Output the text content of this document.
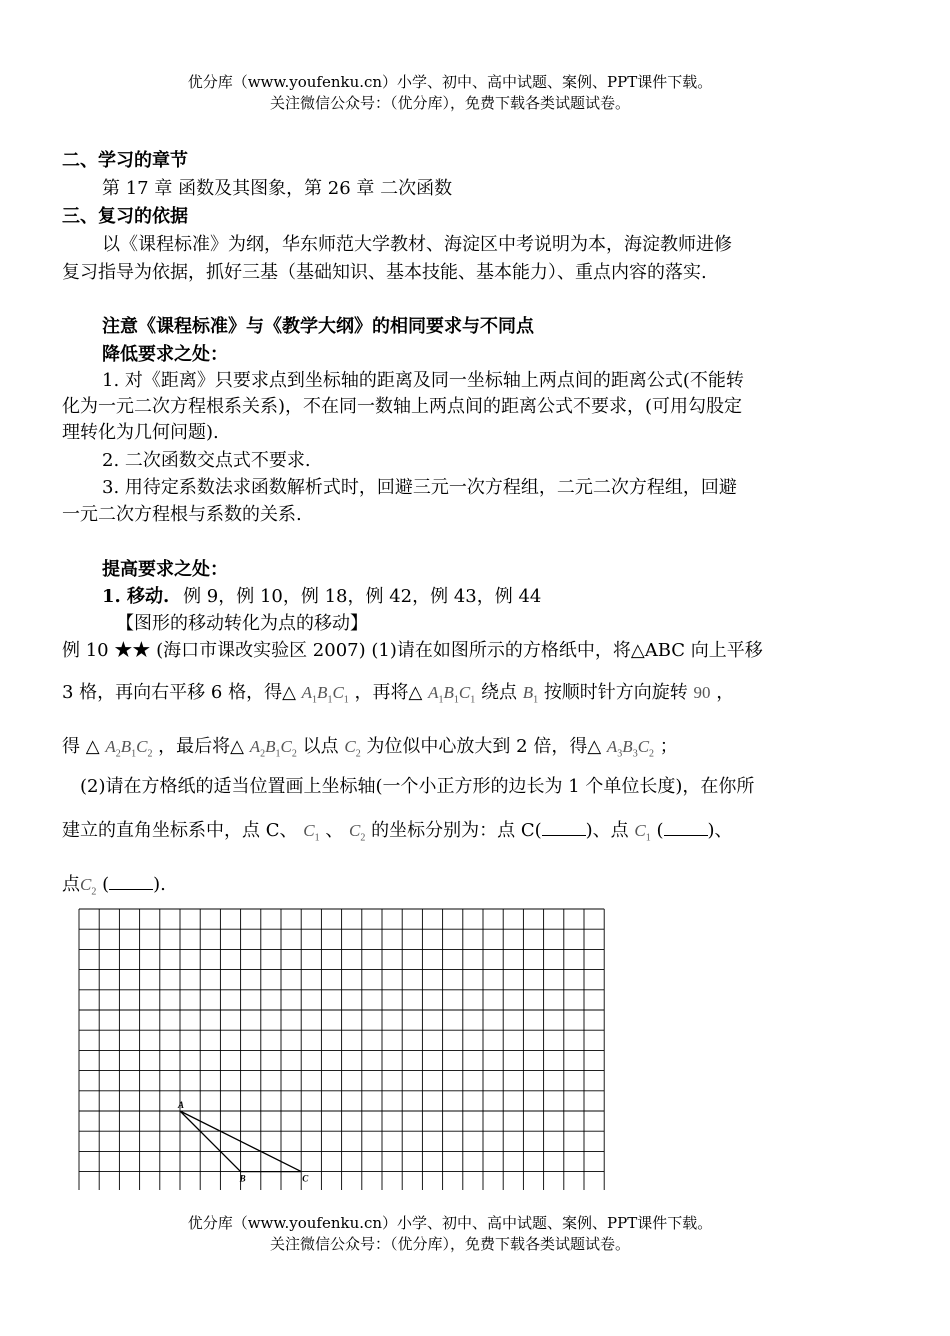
优分库（www.youfenku.cn）小学、初中、高中试题、案例、PPT课件下载。
关注微信公众号：（优分库），免费下载各类试题试卷。
二、学习的章节
第 17 章 函数及其图象，第 26 章 二次函数
三、复习的依据
以《课程标准》为纲，华东师范大学教材、海淀区中考说明为本，海淀教师进修
复习指导为依据，抓好三基（基础知识、基本技能、基本能力）、重点内容的落实.
注意《课程标准》与《教学大纲》的相同要求与不同点
降低要求之处：
1. 对《距离》只要求点到坐标轴的距离及同一坐标轴上两点间的距离公式(不能转
化为一元二次方程根系关系)，不在同一数轴上两点间的距离公式不要求，(可用勾股定
理转化为几何问题).
2. 二次函数交点式不要求.
3. 用待定系数法求函数解析式时，回避三元一次方程组，二元二次方程组，回避
一元二次方程根与系数的关系.
提高要求之处：
1. 移动. 例 9，例 10，例 18，例 42，例 43，例 44
【图形的移动转化为点的移动】
例 10 ★★ (海口市课改实验区 2007) (1)请在如图所示的方格纸中，将△ABC 向上平移
3 格，再向右平移 6 格，得△ $A_1B_1C_1$ ，再将△ $A_1B_1C_1$ 绕点 $B_1$ 按顺时针方向旋转 90 ，
得 △ $A_2B_1C_2$ ，最后将△ $A_2B_1C_2$ 以点 $C_2$ 为位似中心放大到 2 倍，得△ $A_3B_3C_2$ ；
(2)请在方格纸的适当位置画上坐标轴(一个小正方形的边长为 1 个单位长度)，在你所
建立的直角坐标系中，点 C、 $C_1$ 、 $C_2$ 的坐标分别为：点 C( )、点 $C_1$ ( )、
点$C_2$ ( ).
A
B	C
优分库（www.youfenku.cn）小学、初中、高中试题、案例、PPT课件下载。
关注微信公众号：（优分库），免费下载各类试题试卷。
